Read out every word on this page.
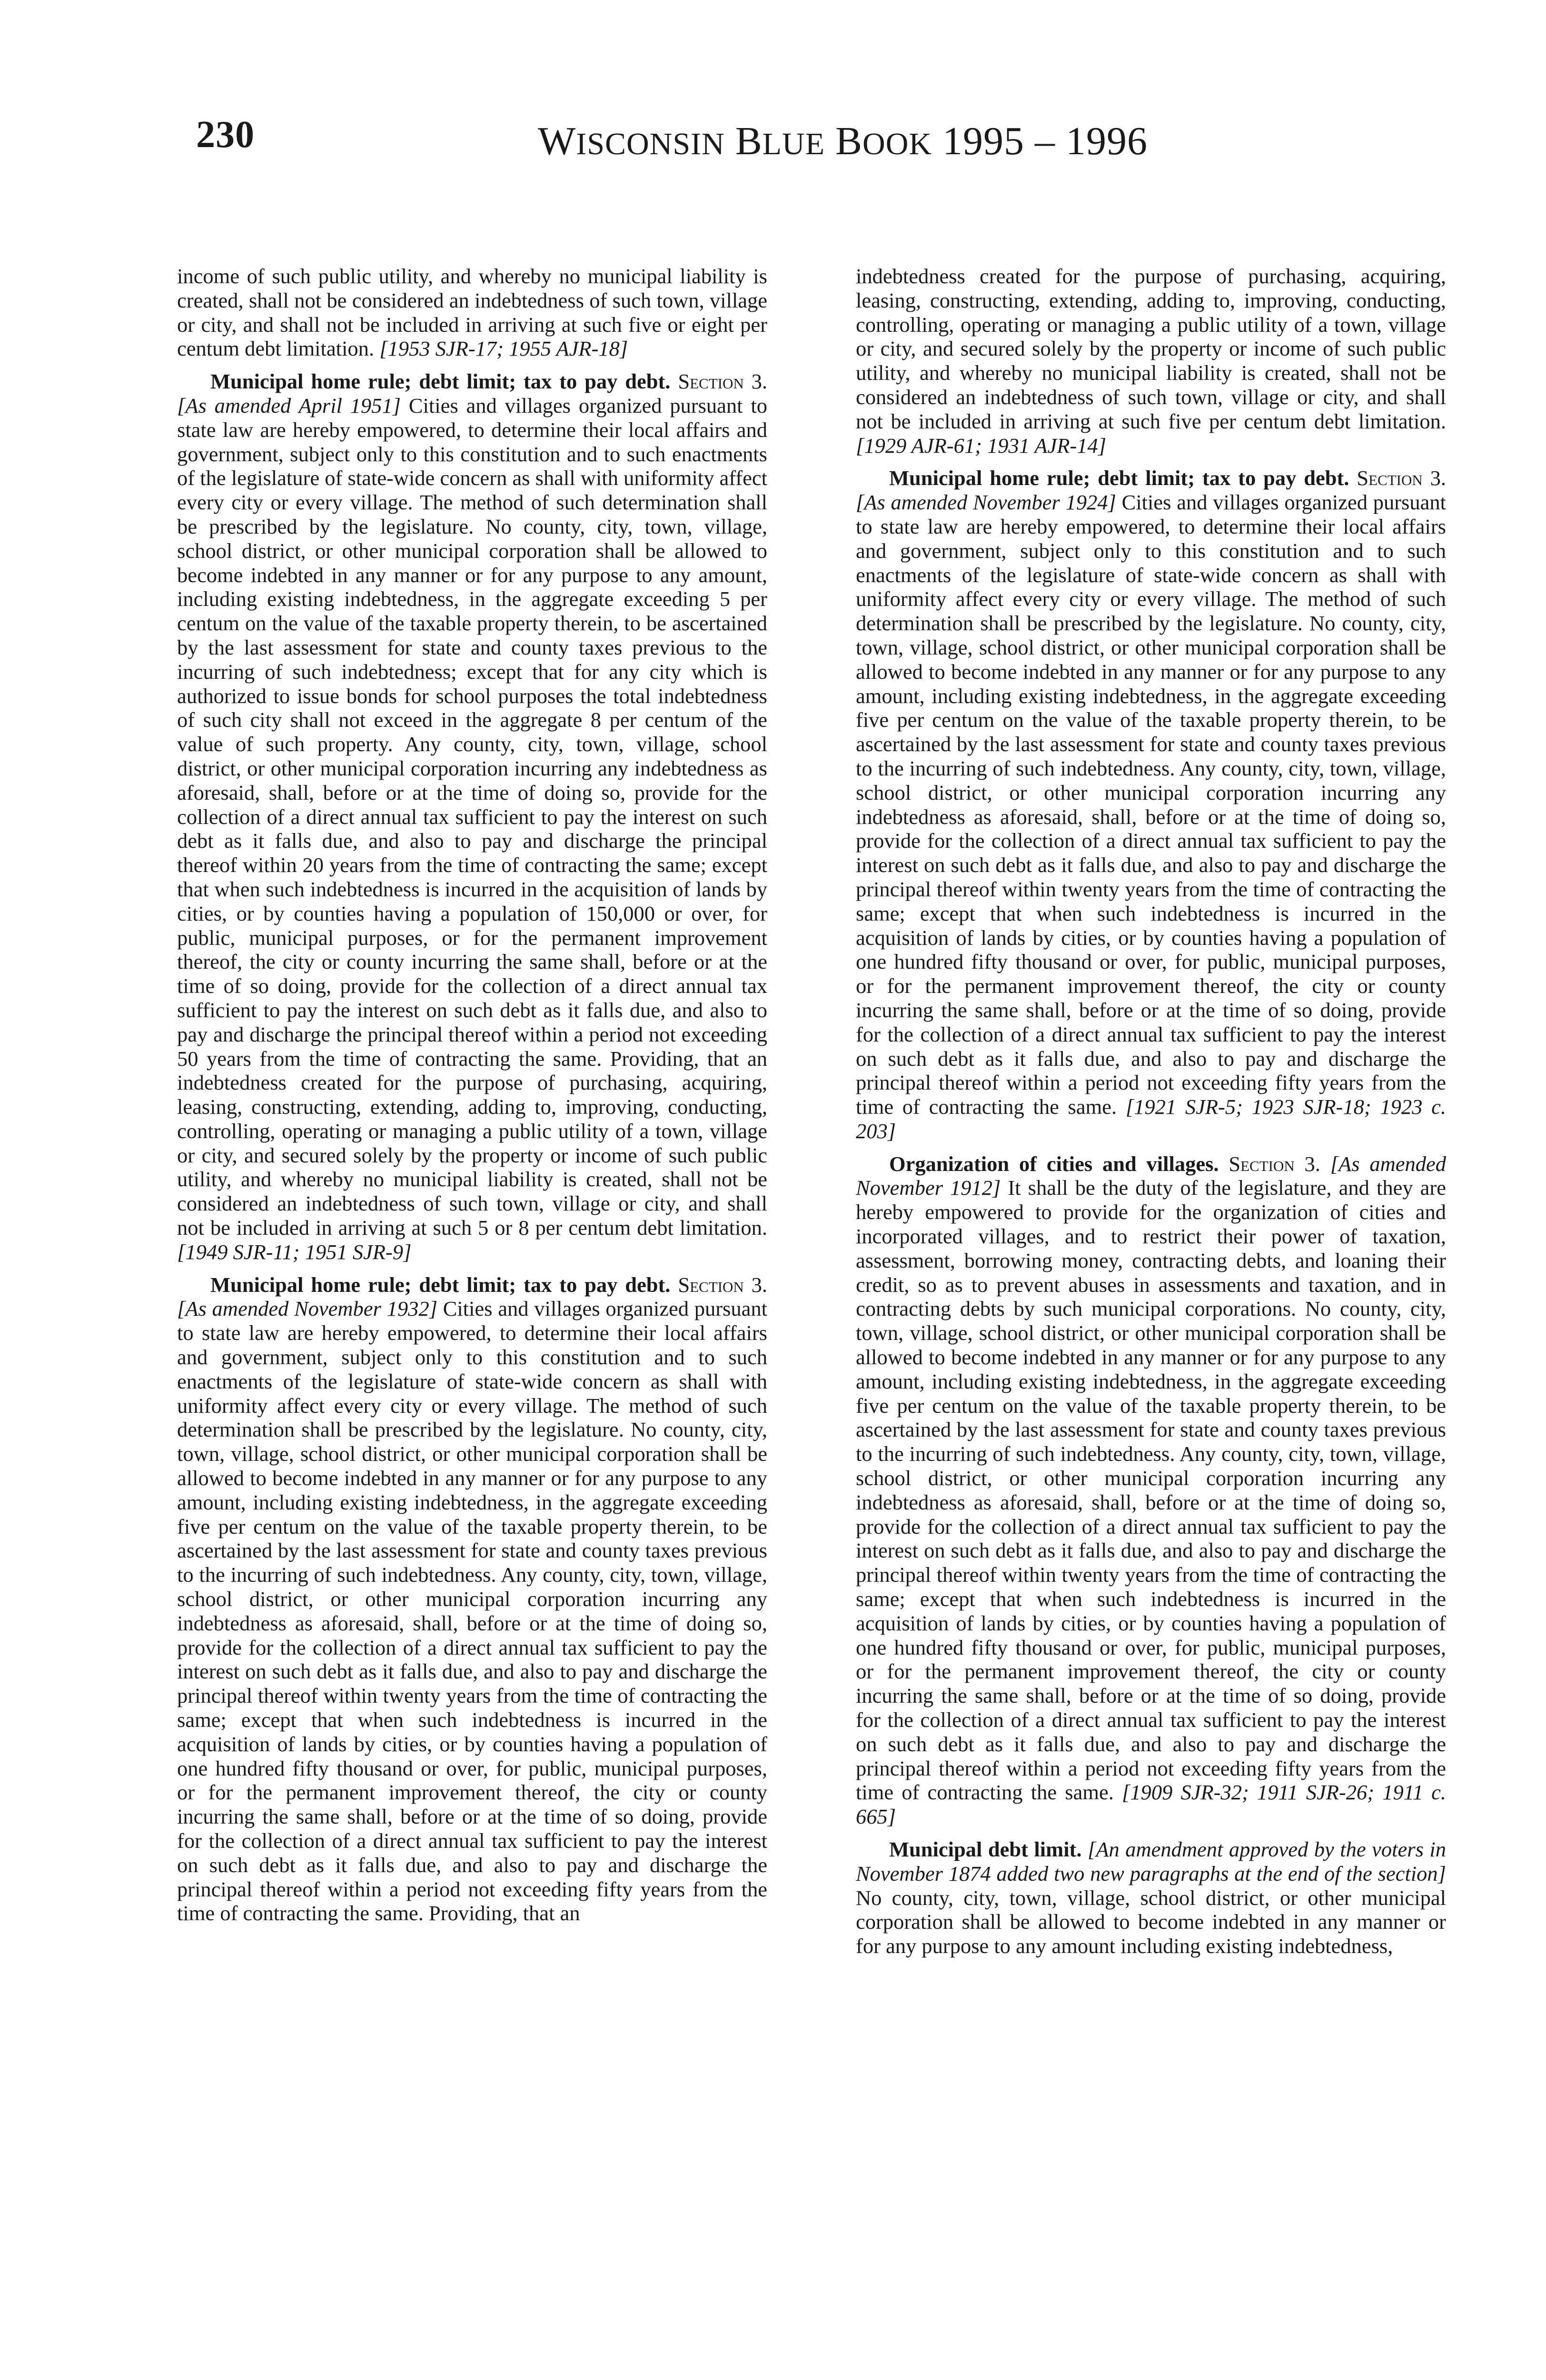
230	WISCONSIN BLUE BOOK 1995 – 1996

income of such public utility, and whereby no municipal liability is created, shall not be considered an indebtedness of such town, village or city, and shall not be included in arriving at such five or eight per centum debt limitation. [1953 SJR-17; 1955 AJR-18]

Municipal home rule; debt limit; tax to pay debt. Section 3. [As amended April 1951] Cities and villages organized pursuant to state law are hereby empowered, to determine their local affairs and government, subject only to this constitution and to such enactments of the legislature of state-wide concern as shall with uniformity affect every city or every village. The method of such determination shall be prescribed by the legislature. No county, city, town, village, school district, or other municipal corporation shall be allowed to become indebted in any manner or for any purpose to any amount, including existing indebtedness, in the aggregate exceeding 5 per centum on the value of the taxable property therein, to be ascertained by the last assessment for state and county taxes previous to the incurring of such indebtedness; except that for any city which is authorized to issue bonds for school purposes the total indebtedness of such city shall not exceed in the aggregate 8 per centum of the value of such property. Any county, city, town, village, school district, or other municipal corporation incurring any indebtedness as aforesaid, shall, before or at the time of doing so, provide for the collection of a direct annual tax sufficient to pay the interest on such debt as it falls due, and also to pay and discharge the principal thereof within 20 years from the time of contracting the same; except that when such indebtedness is incurred in the acquisition of lands by cities, or by counties having a population of 150,000 or over, for public, municipal purposes, or for the permanent improvement thereof, the city or county incurring the same shall, before or at the time of so doing, provide for the collection of a direct annual tax sufficient to pay the interest on such debt as it falls due, and also to pay and discharge the principal thereof within a period not exceeding 50 years from the time of contracting the same. Providing, that an indebtedness created for the purpose of purchasing, acquiring, leasing, constructing, extending, adding to, improving, conducting, controlling, operating or managing a public utility of a town, village or city, and secured solely by the property or income of such public utility, and whereby no municipal liability is created, shall not be considered an indebtedness of such town, village or city, and shall not be included in arriving at such 5 or 8 per centum debt limitation. [1949 SJR-11; 1951 SJR-9]

Municipal home rule; debt limit; tax to pay debt. Section 3. [As amended November 1932] Cities and villages organized pursuant to state law are hereby empowered, to determine their local affairs and government, subject only to this constitution and to such enactments of the legislature of state-wide concern as shall with uniformity affect every city or every village. The method of such determination shall be prescribed by the legislature. No county, city, town, village, school district, or other municipal corporation shall be allowed to become indebted in any manner or for any purpose to any amount, including existing indebtedness, in the aggregate exceeding five per centum on the value of the taxable property therein, to be ascertained by the last assessment for state and county taxes previous to the incurring of such indebtedness. Any county, city, town, village, school district, or other municipal corporation incurring any indebtedness as aforesaid, shall, before or at the time of doing so, provide for the collection of a direct annual tax sufficient to pay the interest on such debt as it falls due, and also to pay and discharge the principal thereof within twenty years from the time of contracting the same; except that when such indebtedness is incurred in the acquisition of lands by cities, or by counties having a population of one hundred fifty thousand or over, for public, municipal purposes, or for the permanent improvement thereof, the city or county incurring the same shall, before or at the time of so doing, provide for the collection of a direct annual tax sufficient to pay the interest on such debt as it falls due, and also to pay and discharge the principal thereof within a period not exceeding fifty years from the time of contracting the same. Providing, that an

indebtedness created for the purpose of purchasing, acquiring, leasing, constructing, extending, adding to, improving, conducting, controlling, operating or managing a public utility of a town, village or city, and secured solely by the property or income of such public utility, and whereby no municipal liability is created, shall not be considered an indebtedness of such town, village or city, and shall not be included in arriving at such five per centum debt limitation. [1929 AJR-61; 1931 AJR-14]

Municipal home rule; debt limit; tax to pay debt. Section 3. [As amended November 1924] Cities and villages organized pursuant to state law are hereby empowered, to determine their local affairs and government, subject only to this constitution and to such enactments of the legislature of state-wide concern as shall with uniformity affect every city or every village. The method of such determination shall be prescribed by the legislature. No county, city, town, village, school district, or other municipal corporation shall be allowed to become indebted in any manner or for any purpose to any amount, including existing indebtedness, in the aggregate exceeding five per centum on the value of the taxable property therein, to be ascertained by the last assessment for state and county taxes previous to the incurring of such indebtedness. Any county, city, town, village, school district, or other municipal corporation incurring any indebtedness as aforesaid, shall, before or at the time of doing so, provide for the collection of a direct annual tax sufficient to pay the interest on such debt as it falls due, and also to pay and discharge the principal thereof within twenty years from the time of contracting the same; except that when such indebtedness is incurred in the acquisition of lands by cities, or by counties having a population of one hundred fifty thousand or over, for public, municipal purposes, or for the permanent improvement thereof, the city or county incurring the same shall, before or at the time of so doing, provide for the collection of a direct annual tax sufficient to pay the interest on such debt as it falls due, and also to pay and discharge the principal thereof within a period not exceeding fifty years from the time of contracting the same. [1921 SJR-5; 1923 SJR-18; 1923 c. 203]

Organization of cities and villages. Section 3. [As amended November 1912] It shall be the duty of the legislature, and they are hereby empowered to provide for the organization of cities and incorporated villages, and to restrict their power of taxation, assessment, borrowing money, contracting debts, and loaning their credit, so as to prevent abuses in assessments and taxation, and in contracting debts by such municipal corporations. No county, city, town, village, school district, or other municipal corporation shall be allowed to become indebted in any manner or for any purpose to any amount, including existing indebtedness, in the aggregate exceeding five per centum on the value of the taxable property therein, to be ascertained by the last assessment for state and county taxes previous to the incurring of such indebtedness. Any county, city, town, village, school district, or other municipal corporation incurring any indebtedness as aforesaid, shall, before or at the time of doing so, provide for the collection of a direct annual tax sufficient to pay the interest on such debt as it falls due, and also to pay and discharge the principal thereof within twenty years from the time of contracting the same; except that when such indebtedness is incurred in the acquisition of lands by cities, or by counties having a population of one hundred fifty thousand or over, for public, municipal purposes, or for the permanent improvement thereof, the city or county incurring the same shall, before or at the time of so doing, provide for the collection of a direct annual tax sufficient to pay the interest on such debt as it falls due, and also to pay and discharge the principal thereof within a period not exceeding fifty years from the time of contracting the same. [1909 SJR-32; 1911 SJR-26; 1911 c. 665]

Municipal debt limit. [An amendment approved by the voters in November 1874 added two new paragraphs at the end of the section] No county, city, town, village, school district, or other municipal corporation shall be allowed to become indebted in any manner or for any purpose to any amount including existing indebtedness,
